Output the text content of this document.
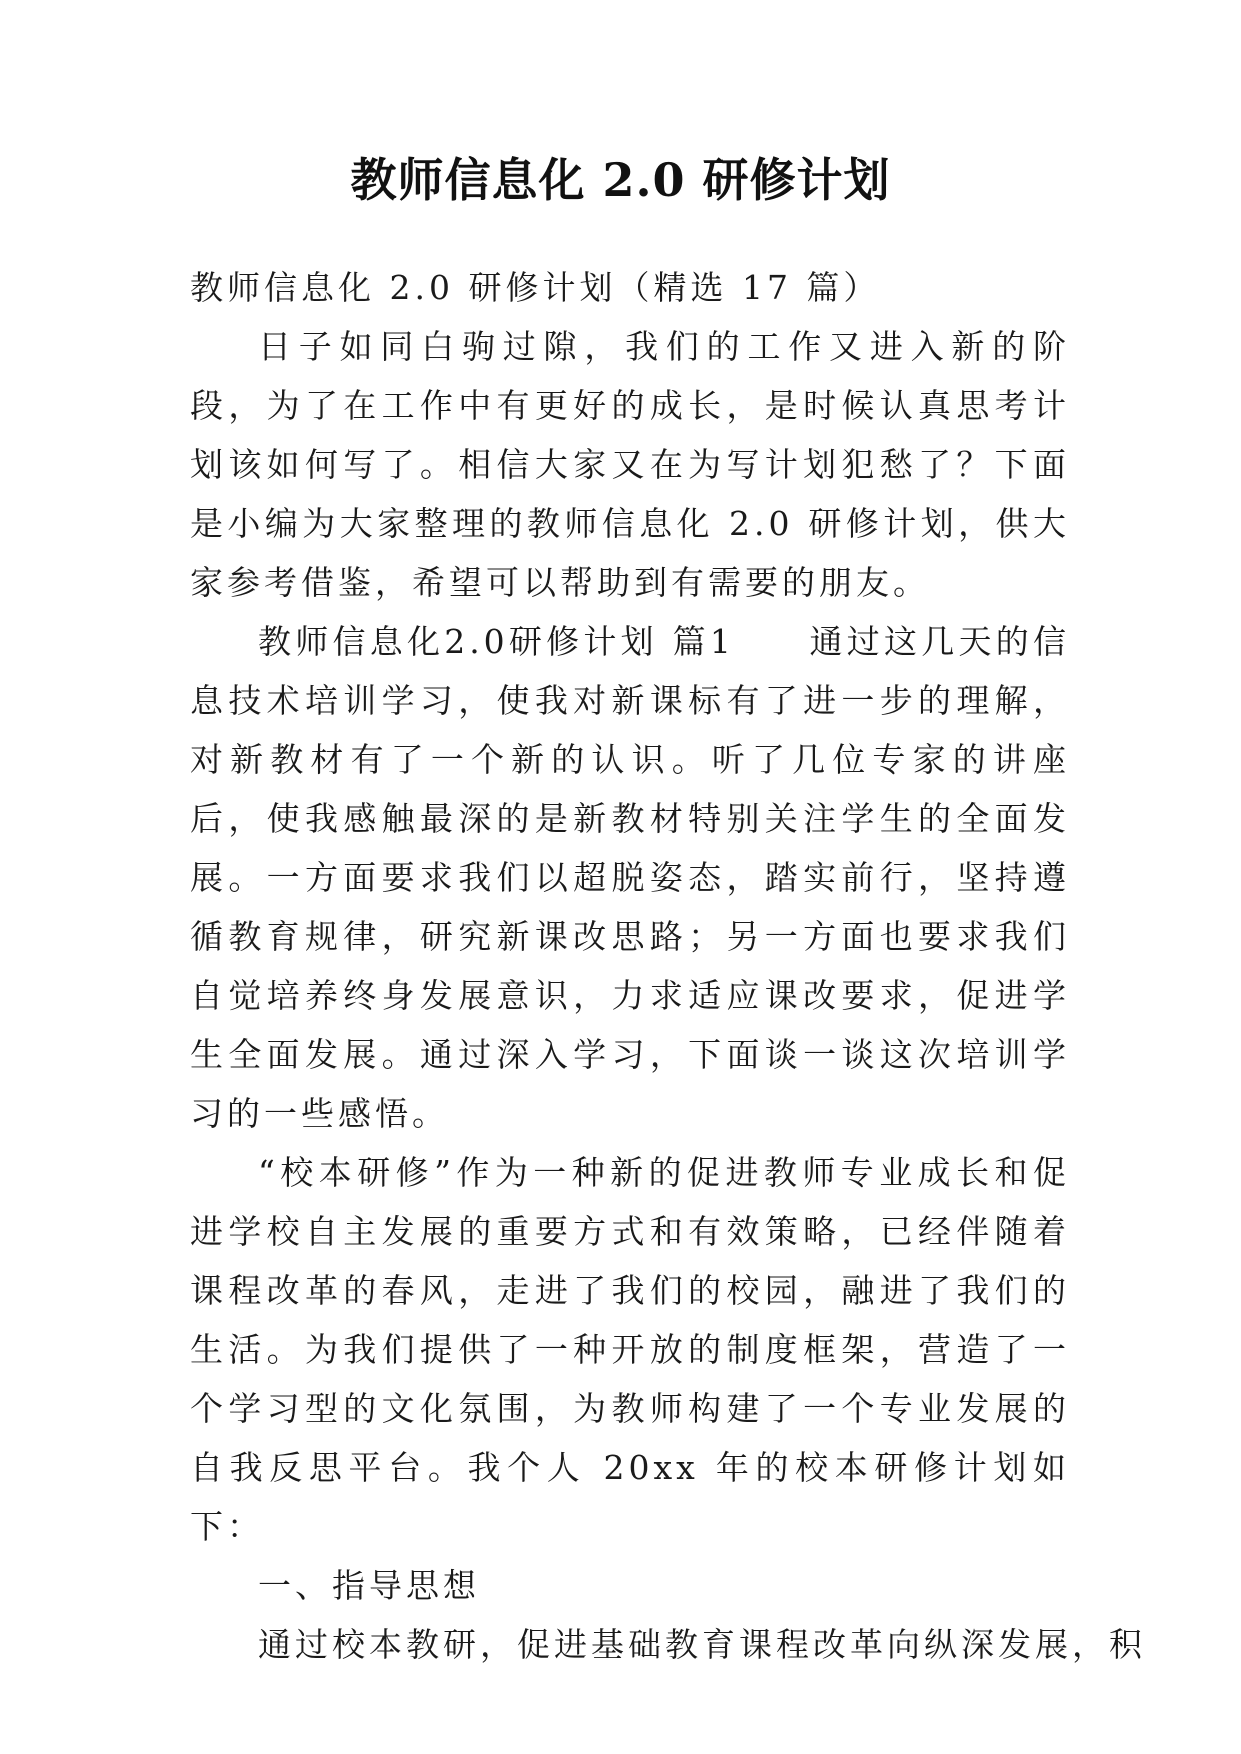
教师信息化 2.0 研修计划

教师信息化 2.0 研修计划（精选 17 篇）

日子如同白驹过隙，我们的工作又进入新的阶段，为了在工作中有更好的成长，是时候认真思考计划该如何写了。相信大家又在为写计划犯愁了？下面是小编为大家整理的教师信息化 2.0 研修计划，供大家参考借鉴，希望可以帮助到有需要的朋友。

教师信息化2.0研修计划 篇1　　通过这几天的信息技术培训学习，使我对新课标有了进一步的理解，对新教材有了一个新的认识。听了几位专家的讲座后，使我感触最深的是新教材特别关注学生的全面发展。一方面要求我们以超脱姿态，踏实前行，坚持遵循教育规律，研究新课改思路；另一方面也要求我们自觉培养终身发展意识，力求适应课改要求，促进学生全面发展。通过深入学习，下面谈一谈这次培训学习的一些感悟。

“校本研修”作为一种新的促进教师专业成长和促进学校自主发展的重要方式和有效策略，已经伴随着课程改革的春风，走进了我们的校园，融进了我们的生活。为我们提供了一种开放的制度框架，营造了一个学习型的文化氛围，为教师构建了一个专业发展的自我反思平台。我个人 20xx 年的校本研修计划如下：

一、指导思想

通过校本教研，促进基础教育课程改革向纵深发展，积
